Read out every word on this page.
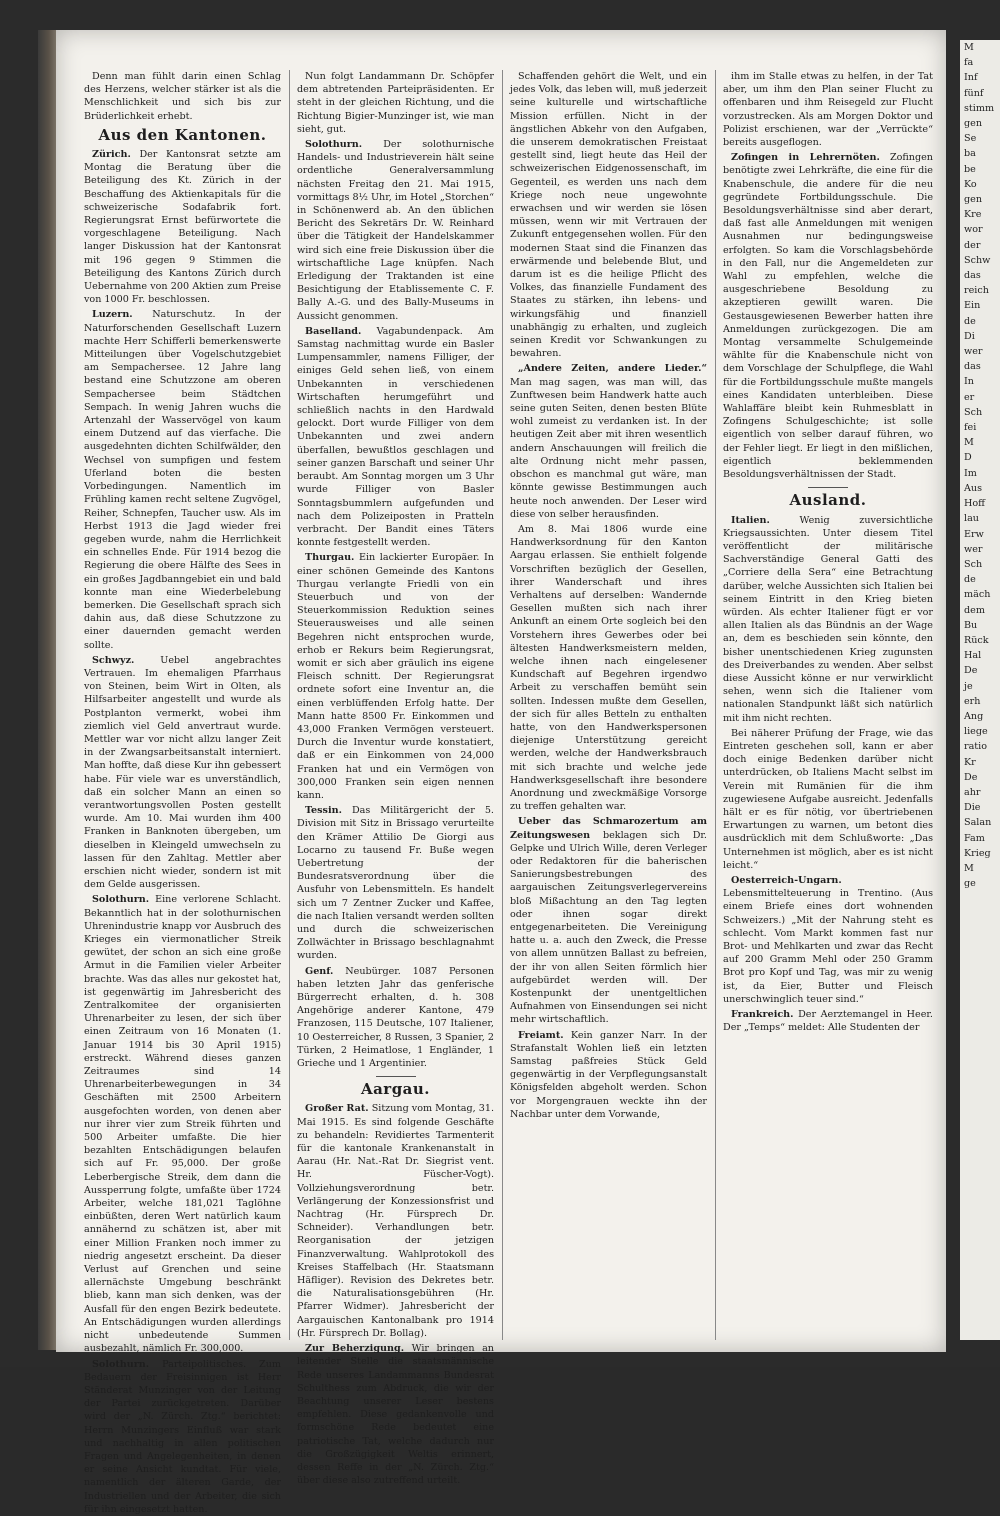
Denn man fühlt darin einen Schlag des Herzens, welcher stärker ist als die Menschlichkeit und sich bis zur Brüderlichkeit erhebt.

Aus den Kantonen.

Zürich. Der Kantonsrat setzte am Montag die Beratung über die Beteiligung des Kt. Zürich in der Beschaffung des Aktienkapitals für die schweizerische Sodafabrik fort. Regierungsrat Ernst befürwortete die vorgeschlagene Beteiligung. Nach langer Diskussion hat der Kantonsrat mit 196 gegen 9 Stimmen die Beteiligung des Kantons Zürich durch Uebernahme von 200 Aktien zum Preise von 1000 Fr. beschlossen.

Luzern. Naturschutz. In der Naturforschenden Gesellschaft Luzern machte Herr Schifferli bemerkenswerte Mitteilungen über Vogelschutzgebiet am Sempachersee. 12 Jahre lang bestand eine Schutzzone am oberen Sempachersee beim Städtchen Sempach. In wenig Jahren wuchs die Artenzahl der Wasservögel von kaum einem Dutzend auf das vierfache. Die ausgedehnten dichten Schilfwälder, den Wechsel von sumpfigen und festem Uferland boten die besten Vorbedingungen. Namentlich im Frühling kamen recht seltene Zugvögel, Reiher, Schnepfen, Taucher usw. Als im Herbst 1913 die Jagd wieder frei gegeben wurde, nahm die Herrlichkeit ein schnelles Ende. Für 1914 bezog die Regierung die obere Hälfte des Sees in ein großes Jagdbanngebiet ein und bald konnte man eine Wiederbelebung bemerken. Die Gesellschaft sprach sich dahin aus, daß diese Schutzzone zu einer dauernden gemacht werden sollte.

Schwyz.	Uebel angebrachtes Vertrauen. Im ehemaligen Pfarrhaus von Steinen, beim Wirt in Olten, als Hilfsarbeiter angestellt und wurde als Postplanton vermerkt, wobei ihm ziemlich viel Geld anvertraut wurde. Mettler war vor nicht allzu langer Zeit in der Zwangsarbeitsanstalt interniert. Man hoffte, daß diese Kur ihn gebessert habe. Für viele war es unverständlich, daß ein solcher Mann an einen so verantwortungsvollen Posten gestellt wurde. Am 10. Mai wurden ihm 400 Franken in Banknoten übergeben, um dieselben in Kleingeld umwechseln zu lassen für den Zahltag. Mettler aber erschien nicht wieder, sondern ist mit dem Gelde ausgerissen.

Solothurn. Eine verlorene Schlacht. Bekanntlich hat in der solothurnischen Uhrenindustrie knapp vor Ausbruch des Krieges ein viermonatlicher Streik gewütet, der schon an sich eine große Armut in die Familien vieler Arbeiter brachte. Was das alles nur gekostet hat, ist gegenwärtig im Jahresbericht des Zentralkomitee der organisierten Uhrenarbeiter zu lesen, der sich über einen Zeitraum von 16 Monaten (1. Januar 1914 bis 30 April 1915) erstreckt. Während dieses ganzen Zeitraumes sind 14 Uhrenarbeiterbewegungen in 34 Geschäften mit 2500 Arbeitern ausgefochten worden, von denen aber nur ihrer vier zum Streik führten und 500 Arbeiter umfaßte. Die hier bezahlten Entschädigungen belaufen sich auf Fr. 95,000. Der große Leberbergische Streik, dem dann die Aussperrung folgte, umfaßte über 1724 Arbeiter, welche 181,021 Taglöhne einbüßten, deren Wert natürlich kaum annähernd zu schätzen ist, aber mit einer Million Franken noch immer zu niedrig angesetzt erscheint. Da dieser Verlust auf Grenchen und seine allernächste Umgebung beschränkt blieb, kann man sich denken, was der Ausfall für den engen Bezirk bedeutete. An Entschädigungen wurden allerdings nicht unbedeutende Summen ausbezahlt, nämlich Fr. 300,000.

Solothurn. Parteipolitisches. Zum Bedauern der Freisinnigen ist Herr Ständerat Munzinger von der Leitung der Partei zurückgetreten. Darüber wird der „N. Zürch. Ztg.“ berichtet: Herrn Munzingers Einfluß war stark und nachhaltig in allen politischen Fragen und Angelegenheiten, in denen er seine Ansicht kundtat. Für viele, namentlich der älteren Garde, der Industriellen und der Arbeiter, die sich für ihn eingesetzt hatten.

Nun folgt Landammann Dr. Schöpfer dem abtretenden Parteipräsidenten. Er steht in der gleichen Richtung, und die Richtung Bigier-Munzinger ist, wie man sieht, gut.

Solothurn. Der solothurnische Handels- und Industrieverein hält seine ordentliche Generalversammlung nächsten Freitag den 21. Mai 1915, vormittags 8½ Uhr, im Hotel „Storchen“ in Schönenwerd ab. An den üblichen Bericht des Sekretärs Dr. W. Reinhard über die Tätigkeit der Handelskammer wird sich eine freie Diskussion über die wirtschaftliche Lage knüpfen. Nach Erledigung der Traktanden ist eine Besichtigung der Etablissemente C. F. Bally A.-G. und des Bally-Museums in Aussicht genommen.

Baselland. Vagabundenpack. Am Samstag nachmittag wurde ein Basler Lumpensammler, namens Filliger, der einiges Geld sehen ließ, von einem Unbekannten in verschiedenen Wirtschaften herumgeführt und schließlich nachts in den Hardwald gelockt. Dort wurde Filliger von dem Unbekannten und zwei andern überfallen, bewußtlos geschlagen und seiner ganzen Barschaft und seiner Uhr beraubt. Am Sonntag morgen um 3 Uhr wurde Filliger von Basler Sonntagsbummlern aufgefunden und nach dem Polizeiposten in Pratteln verbracht. Der Bandit eines Täters konnte festgestellt werden.

Thurgau. Ein lackierter Europäer. In einer schönen Gemeinde des Kantons Thurgau verlangte Friedli von ein Steuerbuch und von der Steuerkommission Reduktion seines Steuerausweises und alle seinen Begehren nicht entsprochen wurde, erhob er Rekurs beim Regierungsrat, womit er sich aber gräulich ins eigene Fleisch schnitt. Der Regierungsrat ordnete sofort eine Inventur an, die einen verblüffenden Erfolg hatte. Der Mann hatte 8500 Fr. Einkommen und 43,000 Franken Vermögen versteuert. Durch die Inventur wurde konstatiert, daß er ein Einkommen von 24,000 Franken hat und ein Vermögen von 300,000 Franken sein eigen nennen kann.

Tessin. Das Militärgericht der 5. Division mit Sitz in Brissago verurteilte den Krämer Attilio De Giorgi aus Locarno zu tausend Fr. Buße wegen Uebertretung der Bundesratsverordnung über die Ausfuhr von Lebensmitteln. Es handelt sich um 7 Zentner Zucker und Kaffee, die nach Italien versandt werden sollten und durch die schweizerischen Zollwächter in Brissago beschlagnahmt wurden.

Genf. Neubürger. 1087 Personen haben letzten Jahr das genferische Bürgerrecht erhalten, d. h. 308 Angehörige anderer Kantone, 479 Franzosen, 115 Deutsche, 107 Italiener, 10 Oesterreicher, 8 Russen, 3 Spanier, 2 Türken, 2 Heimatlose, 1 Engländer, 1 Grieche und 1 Argentinier.

Aargau.

Großer Rat. Sitzung vom Montag, 31. Mai 1915. Es sind folgende Geschäfte zu behandeln: Revidiertes Tarmenterit für die kantonale Krankenanstalt in Aarau (Hr. Nat.-Rat Dr. Siegrist vent. Hr. Füscher-Vogt). Vollziehungsverordnung betr. Verlängerung der Konzessionsfrist und Nachtrag (Hr. Fürsprech Dr. Schneider). Verhandlungen betr. Reorganisation der jetzigen Finanzverwaltung. Wahlprotokoll des Kreises Staffelbach (Hr. Staatsmann Häfliger). Revision des Dekretes betr. die Naturalisationsgebühren (Hr. Pfarrer Widmer). Jahresbericht der Aargauischen Kantonalbank pro 1914 (Hr. Fürsprech Dr. Bollag).

Zur Beherzigung. Wir bringen an leitender Stelle die staatsmännische Rede unseres Landammanns Bundesrat Schulthess zum Abdruck, die wir der Beachtung unserer Leser bestens empfehlen. Diese gedankenvolle und formschöne Rede bedeutet eine patriotische Tat, welche dadurch nur die Großzügigkeit Weltis erinnert, dessen Reffe in der „N. Zürch. Ztg.“ über diese also zutreffend urteilt.

Schaffenden gehört die Welt, und ein jedes Volk, das leben will, muß jederzeit seine kulturelle und wirtschaftliche Mission erfüllen. Nicht in der ängstlichen Abkehr von den Aufgaben, die unserem demokratischen Freistaat gestellt sind, liegt heute das Heil der schweizerischen Eidgenossenschaft, im Gegenteil, es werden uns nach dem Kriege noch neue ungewohnte erwachsen und wir werden sie lösen müssen, wenn wir mit Vertrauen der Zukunft entgegensehen wollen. Für den modernen Staat sind die Finanzen das erwärmende und belebende Blut, und darum ist es die heilige Pflicht des Volkes, das finanzielle Fundament des Staates zu stärken, ihn lebens- und wirkungsfähig und finanziell unabhängig zu erhalten, und zugleich seinen Kredit vor Schwankungen zu bewahren.

„Andere Zeiten, andere Lieder.“ Man mag sagen, was man will, das Zunftwesen beim Handwerk hatte auch seine guten Seiten, denen besten Blüte wohl zumeist zu verdanken ist. In der heutigen Zeit aber mit ihren wesentlich andern Anschauungen will freilich die alte Ordnung nicht mehr passen, obschon es manchmal gut wäre, man könnte gewisse Bestimmungen auch heute noch anwenden. Der Leser wird diese von selber herausfinden.

Am 8. Mai 1806 wurde eine Handwerksordnung für den Kanton Aargau erlassen. Sie enthielt folgende Vorschriften bezüglich der Gesellen, ihrer Wanderschaft und ihres Verhaltens auf derselben: Wandernde Gesellen mußten sich nach ihrer Ankunft an einem Orte sogleich bei den Vorstehern ihres Gewerbes oder bei ältesten Handwerksmeistern melden, welche ihnen nach eingelesener Kundschaft auf Begehren irgendwo Arbeit zu verschaffen bemüht sein sollten. Indessen mußte dem Gesellen, der sich für alles Betteln zu enthalten hatte, von den Handwerkspersonen diejenige Unterstützung gereicht werden, welche der Handwerksbrauch mit sich brachte und welche jede Handwerksgesellschaft ihre besondere Anordnung und zweckmäßige Vorsorge zu treffen gehalten war.

Ueber das Schmarozertum am Zeitungswesen beklagen sich Dr. Gelpke und Ulrich Wille, deren Verleger oder Redaktoren für die baherischen Sanierungsbestrebungen des aargauischen Zeitungsverlegervereins bloß Mißachtung an den Tag legten oder ihnen sogar direkt entgegenarbeiteten. Die Vereinigung hatte u. a. auch den Zweck, die Presse von allem unnützen Ballast zu befreien, der ihr von allen Seiten förmlich hier aufgebürdet werden will. Der Kostenpunkt der unentgeltlichen Aufnahmen von Einsendungen sei nicht mehr wirtschaftlich.

Freiamt. Kein ganzer Narr. In der Strafanstalt Wohlen ließ ein letzten Samstag paßfreies Stück Geld gegenwärtig in der Verpflegungsanstalt Königsfelden abgeholt werden. Schon vor Morgengrauen weckte ihn der Nachbar unter dem Vorwande,

ihm im Stalle etwas zu helfen, in der Tat aber, um ihm den Plan seiner Flucht zu offenbaren und ihm Reisegeld zur Flucht vorzustrecken. Als am Morgen Doktor und Polizist erschienen, war der „Verrückte“ bereits ausgeflogen.

Zofingen in Lehrernöten. Zofingen benötigte zwei Lehrkräfte, die eine für die Knabenschule, die andere für die neu gegründete Fortbildungsschule. Die Besoldungsverhältnisse sind aber derart, daß fast alle Anmeldungen mit wenigen Ausnahmen nur bedingungsweise erfolgten. So kam die Vorschlagsbehörde in den Fall, nur die Angemeldeten zur Wahl zu empfehlen, welche die ausgeschriebene Besoldung zu akzeptieren gewillt waren. Die Gestausgewiesenen Bewerber hatten ihre Anmeldungen zurückgezogen. Die am Montag versammelte Schulgemeinde wählte für die Knabenschule nicht von dem Vorschlage der Schulpflege, die Wahl für die Fortbildungsschule mußte mangels eines Kandidaten unterbleiben. Diese Wahlaffäre bleibt kein Ruhmesblatt in Zofingens Schulgeschichte; ist solle eigentlich von selber darauf führen, wo der Fehler liegt. Er liegt in den mißlichen, eigentlich beklemmenden Besoldungsverhältnissen der Stadt.

Ausland.

Italien.	Wenig zuversichtliche Kriegsaussichten. Unter diesem Titel veröffentlicht der militärische Sachverständige General Gatti des „Corriere della Sera“ eine Betrachtung darüber, welche Aussichten sich Italien bei seinem Eintritt in den Krieg bieten würden. Als echter Italiener fügt er vor allen Italien als das Bündnis an der Wage an, dem es beschieden sein könnte, den bisher unentschiedenen Krieg zugunsten des Dreiverbandes zu wenden. Aber selbst diese Aussicht könne er nur verwirklicht sehen, wenn sich die Italiener vom nationalen Standpunkt läßt sich natürlich mit ihm nicht rechten.

Bei näherer Prüfung der Frage, wie das Eintreten geschehen soll, kann er aber doch einige Bedenken darüber nicht unterdrücken, ob Italiens Macht selbst im Verein mit Rumänien für die ihm zugewiesene Aufgabe ausreicht. Jedenfalls hält er es für nötig, vor übertriebenen Erwartungen zu warnen, um betont dies ausdrücklich mit dem Schlußworte: „Das Unternehmen ist möglich, aber es ist nicht leicht.“

Oesterreich-Ungarn. Lebensmittelteuerung in Trentino. (Aus einem Briefe eines dort wohnenden Schweizers.) „Mit der Nahrung steht es schlecht. Vom Markt kommen fast nur Brot- und Mehlkarten und zwar das Recht auf 200 Gramm Mehl oder 250 Gramm Brot pro Kopf und Tag, was mir zu wenig ist, da Eier, Butter und Fleisch unerschwinglich teuer sind.“

Frankreich. Der Aerztemangel in Heer. Der „Temps“ meldet: Alle Studenten der

M
fa
Inf
fünf
stimm
gen
Se
ba
be
Ko
gen
Kre
wor
der
Schw
das
reich
Ein
de
Di
wer
das
In
er
Sch
fei
M
D
Im
Aus
Hoff
lau
Erw
wer
Sch
de
mäch
dem
Bu
Rück
Hal
De
je
erh
Ang
liege
ratio
Kr
De
ahr
Die
Salan
Fam
Krieg
M
ge
